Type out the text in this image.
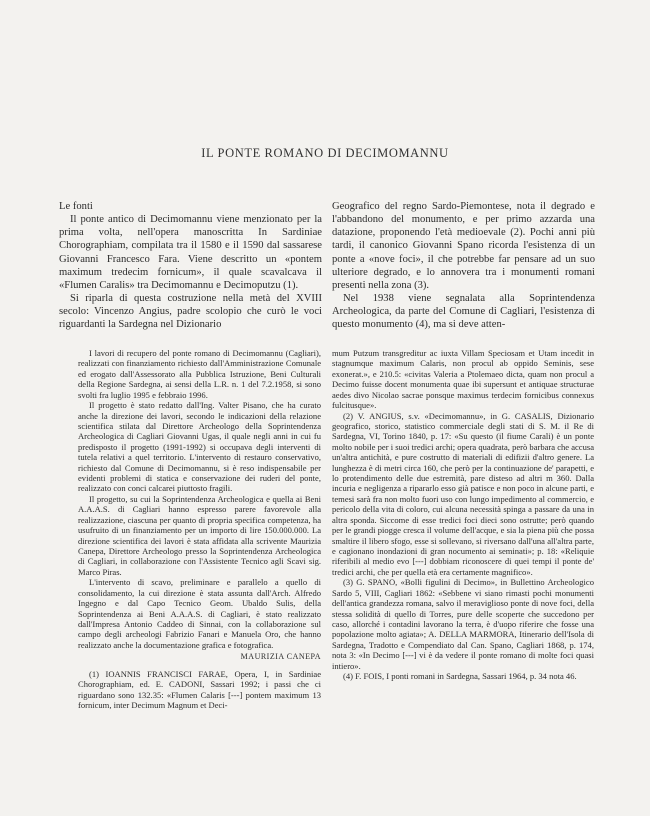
IL PONTE ROMANO DI DECIMOMANNU

Le fonti

Il ponte antico di Decimomannu viene menzionato per la prima volta, nell'opera manoscritta In Sardiniae Chorographiam, compilata tra il 1580 e il 1590 dal sassarese Giovanni Francesco Fara. Viene descritto un «pontem maximum tredecim fornicum», il quale scavalcava il «Flumen Caralis» tra Decimomannu e Decimoputzu (1).

Si riparla di questa costruzione nella metà del XVIII secolo: Vincenzo Angius, padre scolopio che curò le voci riguardanti la Sardegna nel Dizionario

Geografico del regno Sardo-Piemontese, nota il degrado e l'abbandono del monumento, e per primo azzarda una datazione, proponendo l'età medioevale (2). Pochi anni più tardi, il canonico Giovanni Spano ricorda l'esistenza di un ponte a «nove foci», il che potrebbe far pensare ad un suo ulteriore degrado, e lo annovera tra i monumenti romani presenti nella zona (3).

Nel 1938 viene segnalata alla Soprintendenza Archeologica, da parte del Comune di Cagliari, l'esistenza di questo monumento (4), ma si deve atten-

I lavori di recupero del ponte romano di Decimomannu (Cagliari), realizzati con finanziamento richiesto dall'Amministrazione Comunale ed erogato dall'Assessorato alla Pubblica Istruzione, Beni Culturali della Regione Sardegna, ai sensi della L.R. n. 1 del 7.2.1958, si sono svolti fra luglio 1995 e febbraio 1996.

Il progetto è stato redatto dall'Ing. Valter Pisano, che ha curato anche la direzione dei lavori, secondo le indicazioni della relazione scientifica stilata dal Direttore Archeologo della Soprintendenza Archeologica di Cagliari Giovanni Ugas, il quale negli anni in cui fu predisposto il progetto (1991-1992) si occupava degli interventi di tutela relativi a quel territorio. L'intervento di restauro conservativo, richiesto dal Comune di Decimomannu, si è reso indispensabile per evidenti problemi di statica e conservazione dei ruderi del ponte, realizzato con conci calcarei piuttosto fragili.

Il progetto, su cui la Soprintendenza Archeologica e quella ai Beni A.A.A.S. di Cagliari hanno espresso parere favorevole alla realizzazione, ciascuna per quanto di propria specifica competenza, ha usufruito di un finanziamento per un importo di lire 150.000.000. La direzione scientifica dei lavori è stata affidata alla scrivente Maurizia Canepa, Direttore Archeologo presso la Soprintendenza Archeologica di Cagliari, in collaborazione con l'Assistente Tecnico agli Scavi sig. Marco Piras.

L'intervento di scavo, preliminare e parallelo a quello di consolidamento, la cui direzione è stata assunta dall'Arch. Alfredo Ingegno e dal Capo Tecnico Geom. Ubaldo Sulis, della Soprintendenza ai Beni A.A.A.S. di Cagliari, è stato realizzato dall'Impresa Antonio Caddeo di Sinnai, con la collaborazione sul campo degli archeologi Fabrizio Fanari e Manuela Oro, che hanno realizzato anche la documentazione grafica e fotografica.

MAURIZIA CANEPA

(1) IOANNIS FRANCISCI FARAE, Opera, I, in Sardiniae Chorographiam, ed. E. CADONI, Sassari 1992; i passi che ci riguardano sono 132.35: «Flumen Calaris [---] pontem maximum 13 fornicum, inter Decimum Magnum et Deci-

mum Putzum transgreditur ac iuxta Villam Speciosam et Utam incedit in stagnumque maximum Calaris, non procul ab oppido Seminis, sese exonerat.», e 210.5: «civitas Valeria a Ptolemaeo dicta, quam non procul a Decimo fuisse docent monumenta quae ibi supersunt et antiquae structurae aedes divo Nicolao sacrae ponsque maximus terdecim fornicibus connexus fulcitusque».

(2) V. ANGIUS, s.v. «Decimomannu», in G. CASALIS, Dizionario geografico, storico, statistico commerciale degli stati di S. M. il Re di Sardegna, VI, Torino 1840, p. 17: «Su questo (il fiume Carali) è un ponte molto nobile per i suoi tredici archi; opera quadrata, però barbara che accusa un'altra antichità, e pure costrutto di materiali di edifizii d'altro genere. La lunghezza è di metri circa 160, che però per la continuazione de' parapetti, e lo protendimento delle due estremità, pare disteso ad altri m 360. Dalla incuria e negligenza a ripararlo esso già patisce e non poco in alcune parti, e temesi sarà fra non molto fuori uso con lungo impedimento al commercio, e pericolo della vita di coloro, cui alcuna necessità spinga a passare da una in altra sponda. Siccome di esse tredici foci dieci sono ostrutte; però quando per le grandi piogge cresca il volume dell'acque, e sia la piena più che possa smaltire il libero sfogo, esse si sollevano, si riversano dall'una all'altra parte, e cagionano inondazioni di gran nocumento ai seminati»; p. 18: «Reliquie riferibili al medio evo [---] dobbiam riconoscere di quei tempi il ponte de' tredici archi, che per quella età era certamente magnifico».

(3) G. SPANO, «Bolli figulini di Decimo», in Bullettino Archeologico Sardo 5, VIII, Cagliari 1862: «Sebbene vi siano rimasti pochi monumenti dell'antica grandezza romana, salvo il meraviglioso ponte di nove foci, della stessa solidità di quello di Torres, pure delle scoperte che succedono per caso, allorché i contadini lavorano la terra, è d'uopo riferire che fosse una popolazione molto agiata»; A. DELLA MARMORA, Itinerario dell'Isola di Sardegna, Tradotto e Compendiato dal Can. Spano, Cagliari 1868, p. 174, nota 3: «In Decimo [---] vi è da vedere il ponte romano di molte foci quasi intiero».

(4) F. FOIS, I ponti romani in Sardegna, Sassari 1964, p. 34 nota 46.
